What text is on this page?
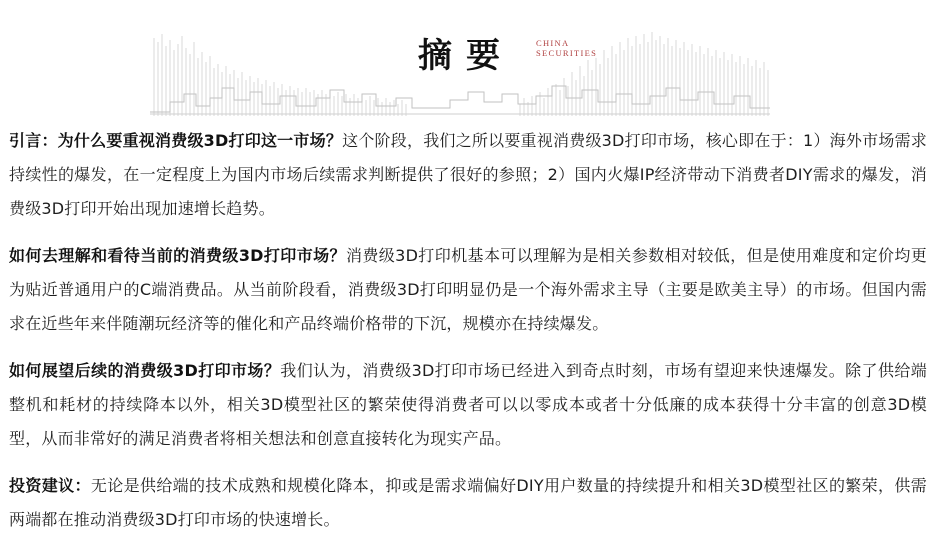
摘要	CHINA
SECURITIES

引言：为什么要重视消费级3D打印这一市场？这个阶段，我们之所以要重视消费级3D打印市场，核心即在于：1）海外市场需求持续性的爆发，在一定程度上为国内市场后续需求判断提供了很好的参照；2）国内火爆IP经济带动下消费者DIY需求的爆发，消费级3D打印开始出现加速增长趋势。

如何去理解和看待当前的消费级3D打印市场？消费级3D打印机基本可以理解为是相关参数相对较低，但是使用难度和定价均更为贴近普通用户的C端消费品。从当前阶段看，消费级3D打印明显仍是一个海外需求主导（主要是欧美主导）的市场。但国内需求在近些年来伴随潮玩经济等的催化和产品终端价格带的下沉，规模亦在持续爆发。

如何展望后续的消费级3D打印市场？我们认为，消费级3D打印市场已经进入到奇点时刻，市场有望迎来快速爆发。除了供给端整机和耗材的持续降本以外，相关3D模型社区的繁荣使得消费者可以以零成本或者十分低廉的成本获得十分丰富的创意3D模型，从而非常好的满足消费者将相关想法和创意直接转化为现实产品。

投资建议：无论是供给端的技术成熟和规模化降本，抑或是需求端偏好DIY用户数量的持续提升和相关3D模型社区的繁荣，供需两端都在推动消费级3D打印市场的快速增长。
